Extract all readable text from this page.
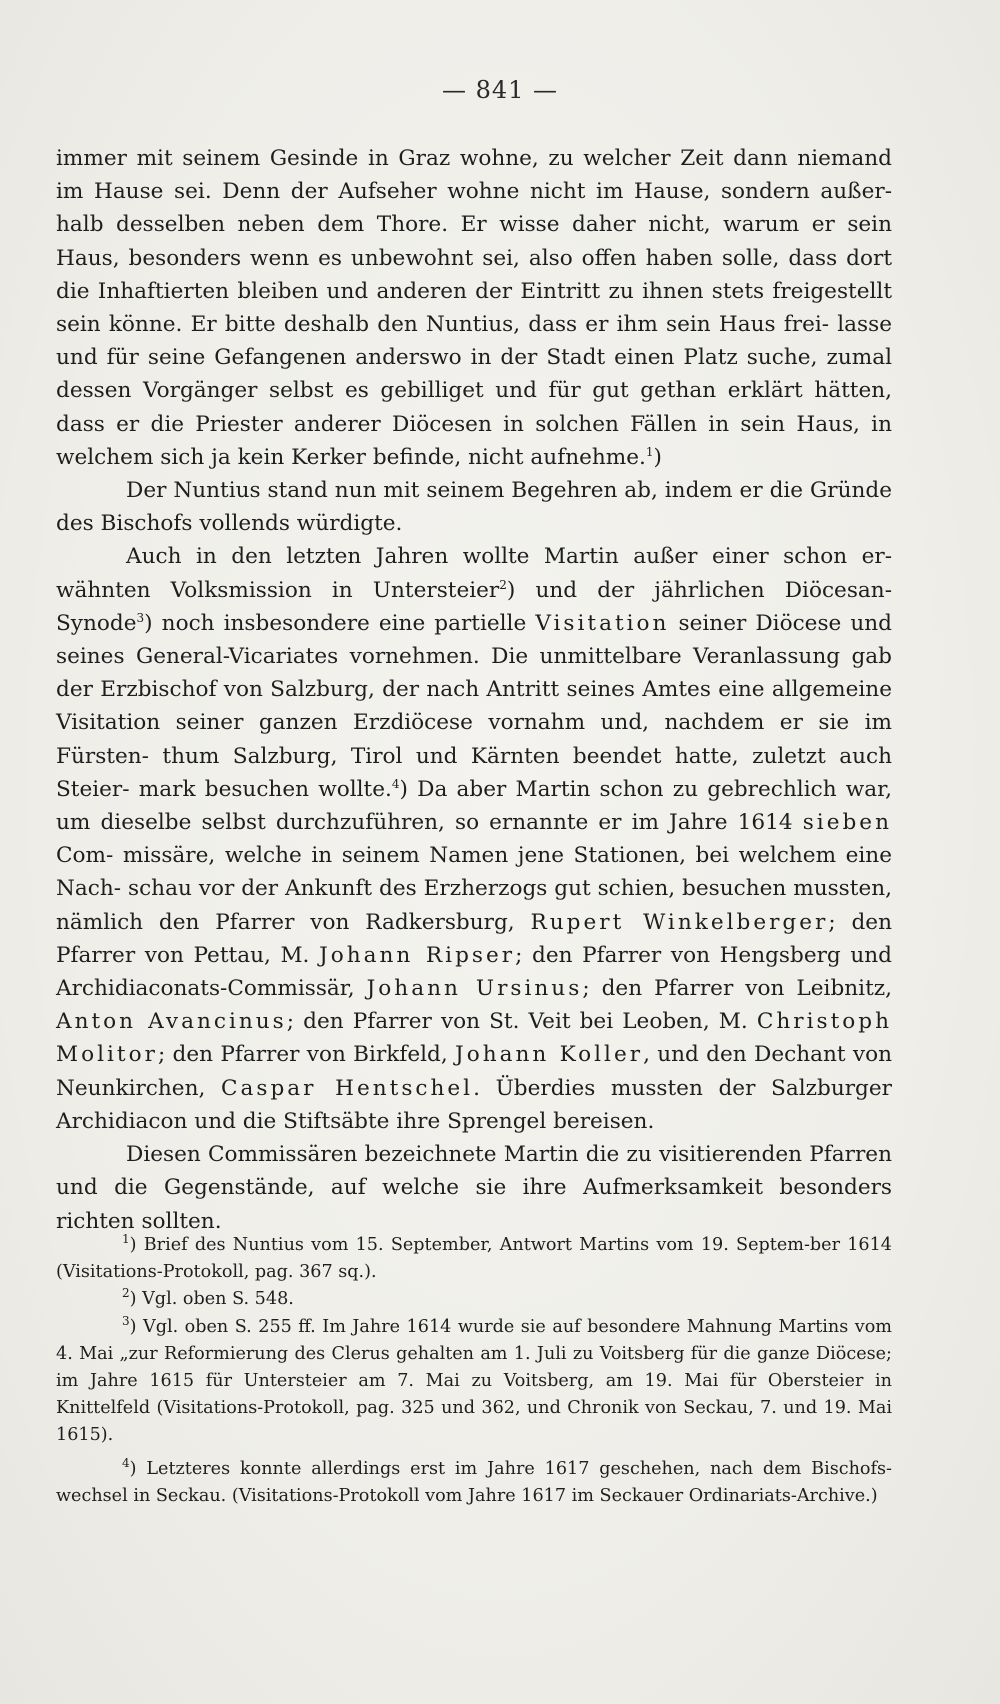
— 841 —

immer mit seinem Gesinde in Graz wohne, zu welcher Zeit dann niemand im Hause sei. Denn der Aufseher wohne nicht im Hause, sondern außer- halb desselben neben dem Thore. Er wisse daher nicht, warum er sein Haus, besonders wenn es unbewohnt sei, also offen haben solle, dass dort die Inhaftierten bleiben und anderen der Eintritt zu ihnen stets freigestellt sein könne. Er bitte deshalb den Nuntius, dass er ihm sein Haus frei- lasse und für seine Gefangenen anderswo in der Stadt einen Platz suche, zumal dessen Vorgänger selbst es gebilliget und für gut gethan erklärt hätten, dass er die Priester anderer Diöcesen in solchen Fällen in sein Haus, in welchem sich ja kein Kerker befinde, nicht aufnehme.$^1$)

Der Nuntius stand nun mit seinem Begehren ab, indem er die Gründe des Bischofs vollends würdigte.

Auch in den letzten Jahren wollte Martin außer einer schon er- wähnten Volksmission in Untersteier$^2$) und der jährlichen Diöcesan-Synode$^3$) noch insbesondere eine partielle Visitation seiner Diöcese und seines General-Vicariates vornehmen. Die unmittelbare Veranlassung gab der Erzbischof von Salzburg, der nach Antritt seines Amtes eine allgemeine Visitation seiner ganzen Erzdiöcese vornahm und, nachdem er sie im Fürsten- thum Salzburg, Tirol und Kärnten beendet hatte, zuletzt auch Steier- mark besuchen wollte.$^4$) Da aber Martin schon zu gebrechlich war, um dieselbe selbst durchzuführen, so ernannte er im Jahre 1614 sieben Com- missäre, welche in seinem Namen jene Stationen, bei welchem eine Nach- schau vor der Ankunft des Erzherzogs gut schien, besuchen mussten, nämlich den Pfarrer von Radkersburg, Rupert Winkelberger; den Pfarrer von Pettau, M. Johann Ripser; den Pfarrer von Hengsberg und Archidiaconats-Commissär, Johann Ursinus; den Pfarrer von Leibnitz, Anton Avancinus; den Pfarrer von St. Veit bei Leoben, M. Christoph Molitor; den Pfarrer von Birkfeld, Johann Koller, und den Dechant von Neunkirchen, Caspar Hentschel. Überdies mussten der Salzburger Archidiacon und die Stiftsäbte ihre Sprengel bereisen.

Diesen Commissären bezeichnete Martin die zu visitierenden Pfarren und die Gegenstände, auf welche sie ihre Aufmerksamkeit besonders richten sollten.

$^1$) Brief des Nuntius vom 15. September, Antwort Martins vom 19. Septem-ber 1614 (Visitations-Protokoll, pag. 367 sq.).

$^2$) Vgl. oben S. 548.

$^3$) Vgl. oben S. 255 ff. Im Jahre 1614 wurde sie auf besondere Mahnung Martins vom 4. Mai „zur Reformierung des Clerus gehalten am 1. Juli zu Voitsberg für die ganze Diöcese; im Jahre 1615 für Untersteier am 7. Mai zu Voitsberg, am 19. Mai für Obersteier in Knittelfeld (Visitations-Protokoll, pag. 325 und 362, und Chronik von Seckau, 7. und 19. Mai 1615).

$^4$) Letzteres konnte allerdings erst im Jahre 1617 geschehen, nach dem Bischofs-wechsel in Seckau. (Visitations-Protokoll vom Jahre 1617 im Seckauer Ordinariats-Archive.)
